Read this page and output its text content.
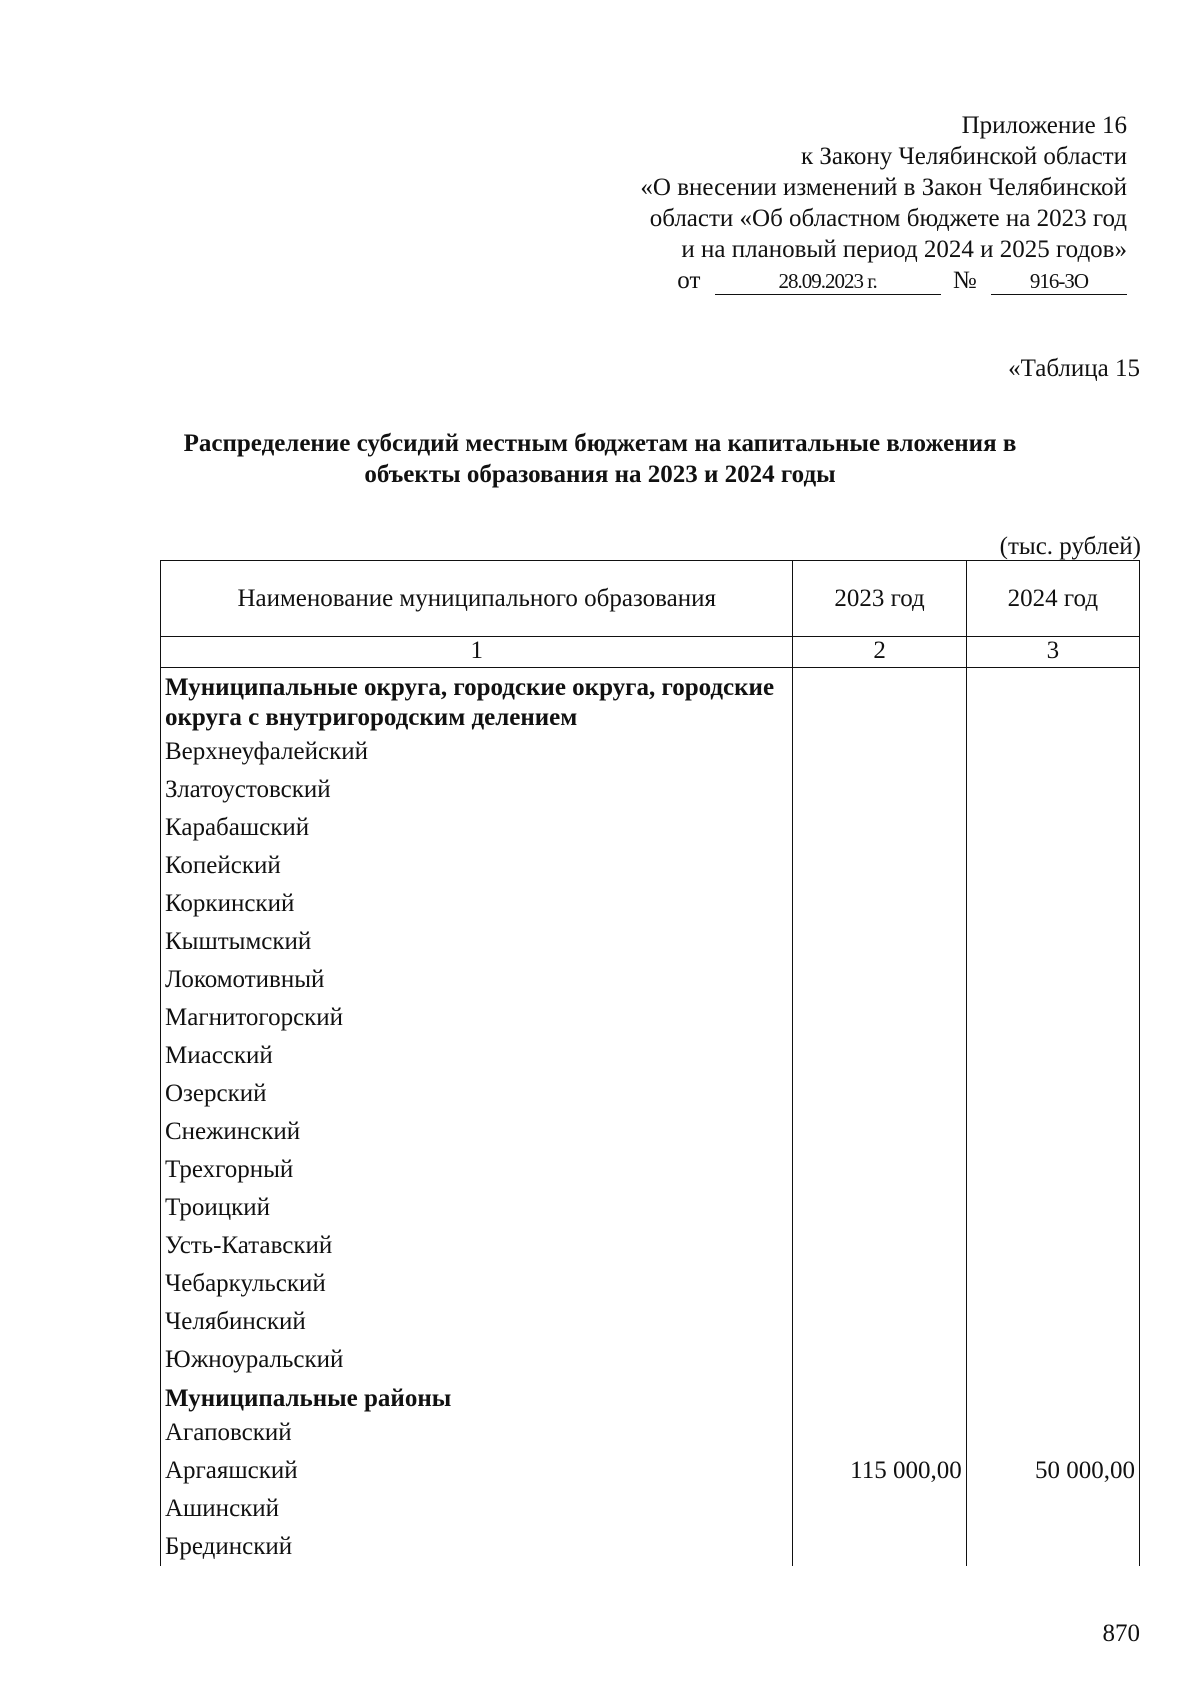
Приложение 16
к Закону Челябинской области
«О внесении изменений в Закон Челябинской
области «Об областном бюджете на 2023 год
и на плановый период 2024 и 2025 годов»
от	28.09.2023 г.	№	916-ЗО
«Таблица 15
Распределение субсидий местным бюджетам на капитальные вложения в
объекты образования на 2023 и 2024 годы
(тыс. рублей)
Наименование муниципального образования	2023 год	2024 год
1	2	3
Муниципальные округа, городские округа, городские округа с внутригородским делением		
Верхнеуфалейский		
Златоустовский		
Карабашский		
Копейский		
Коркинский		
Кыштымский		
Локомотивный		
Магнитогорский		
Миасский		
Озерский		
Снежинский		
Трехгорный		
Троицкий		
Усть-Катавский		
Чебаркульский		
Челябинский		
Южноуральский		
Муниципальные районы		
Агаповский		
Аргаяшский	115 000,00	50 000,00
Ашинский		
Брединский		
870
